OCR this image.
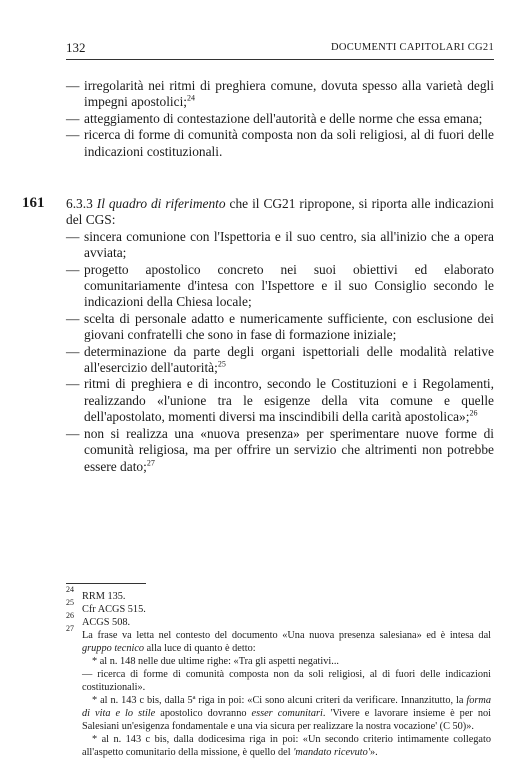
132	DOCUMENTI CAPITOLARI CG21
— irregolarità nei ritmi di preghiera comune, dovuta spesso alla varietà degli impegni apostolici;$^{24}$
— atteggiamento di contestazione dell'autorità e delle norme che essa emana;
— ricerca di forme di comunità composta non da soli religiosi, al di fuori delle indicazioni costituzionali.
161 6.3.3 Il quadro di riferimento che il CG21 ripropone, si riporta alle indicazioni del CGS:
— sincera comunione con l'Ispettoria e il suo centro, sia all'inizio che a opera avviata;
— progetto apostolico concreto nei suoi obiettivi ed elaborato comunitariamente d'intesa con l'Ispettore e il suo Consiglio secondo le indicazioni della Chiesa locale;
— scelta di personale adatto e numericamente sufficiente, con esclusione dei giovani confratelli che sono in fase di formazione iniziale;
— determinazione da parte degli organi ispettoriali delle modalità relative all'esercizio dell'autorità;$^{25}$
— ritmi di preghiera e di incontro, secondo le Costituzioni e i Regolamenti, realizzando «l'unione tra le esigenze della vita comune e quelle dell'apostolato, momenti diversi ma inscindibili della carità apostolica»;$^{26}$
— non si realizza una «nuova presenza» per sperimentare nuove forme di comunità religiosa, ma per offrire un servizio che altrimenti non potrebbe essere dato;$^{27}$
24
RRM 135.
25
Cfr ACGS 515.
26
ACGS 508.
27
La frase va letta nel contesto del documento «Una nuova presenza salesiana» ed è intesa dal gruppo tecnico alla luce di quanto è detto:
* al n. 148 nelle due ultime righe: «Tra gli aspetti negativi...
— ricerca di forme di comunità composta non da soli religiosi, al di fuori delle indicazioni costituzionali».
* al n. 143 c bis, dalla 5ª riga in poi: «Ci sono alcuni criteri da verificare. Innanzitutto, la forma di vita e lo stile apostolico dovranno esser comunitari. 'Vivere e lavorare insieme è per noi Salesiani un'esigenza fondamentale e una via sicura per realizzare la nostra vocazione' (C 50)».
* al n. 143 c bis, dalla dodicesima riga in poi: «Un secondo criterio intimamente collegato all'aspetto comunitario della missione, è quello del 'mandato ricevuto'».
